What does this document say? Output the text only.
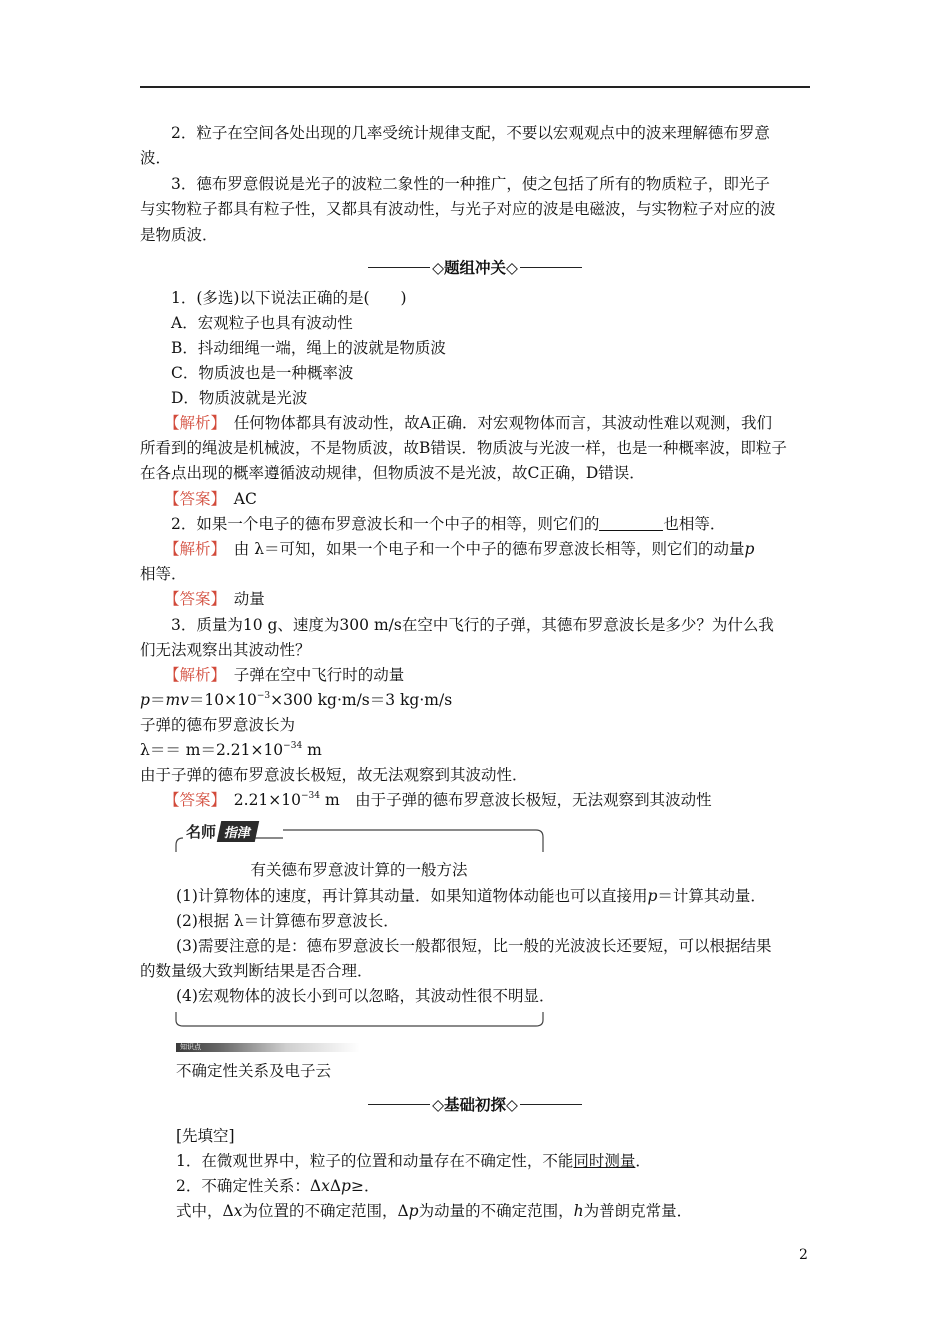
2．粒子在空间各处出现的几率受统计规律支配，不要以宏观观点中的波来理解德布罗意
波．
3．德布罗意假说是光子的波粒二象性的一种推广，使之包括了所有的物质粒子，即光子
与实物粒子都具有粒子性，又都具有波动性，与光子对应的波是电磁波，与实物粒子对应的波
是物质波．
◇题组冲关◇
1．(多选)以下说法正确的是(　　)
A．宏观粒子也具有波动性
B．抖动细绳一端，绳上的波就是物质波
C．物质波也是一种概率波
D．物质波就是光波
【解析】　 任何物体都具有波动性，故A正确．对宏观物体而言，其波动性难以观测，我们
所看到的绳波是机械波，不是物质波，故B错误．物质波与光波一样，也是一种概率波，即粒子
在各点出现的概率遵循波动规律，但物质波不是光波，故C正确，D错误．
【答案】　 AC
2．如果一个电子的德布罗意波长和一个中子的相等，则它们的	也相等．
【解析】　 由 λ＝可知，如果一个电子和一个中子的德布罗意波长相等，则它们的动量p
相等．
【答案】　 动量
3．质量为10 g、速度为300 m/s在空中飞行的子弹，其德布罗意波长是多少？为什么我
们无法观察出其波动性？
【解析】　 子弹在空中飞行时的动量
$p=mv=10\times 10^{-3}\times 300$ kg·m/s＝3 kg·m/s
子弹的德布罗意波长为
$\lambda== m=2.21\times 10^{-34}$ m
由于子弹的德布罗意波长极短，故无法观察到其波动性．
【答案】　 $2.21\times 10^{-34}$ m　由于子弹的德布罗意波长极短，无法观察到其波动性
名师 指津
有关德布罗意波计算的一般方法
(1)计算物体的速度，再计算其动量．如果知道物体动能也可以直接用p＝计算其动量．
(2)根据 λ＝计算德布罗意波长．
(3)需要注意的是：德布罗意波长一般都很短，比一般的光波波长还要短，可以根据结果
的数量级大致判断结果是否合理．
(4)宏观物体的波长小到可以忽略，其波动性很不明显．
知识点
不确定性关系及电子云
◇基础初探◇
[先填空]
1．在微观世界中，粒子的位置和动量存在不确定性，不能同时测量．
2．不确定性关系：ΔxΔp≥．
式中，Δx为位置的不确定范围，Δp为动量的不确定范围，h为普朗克常量．
2
